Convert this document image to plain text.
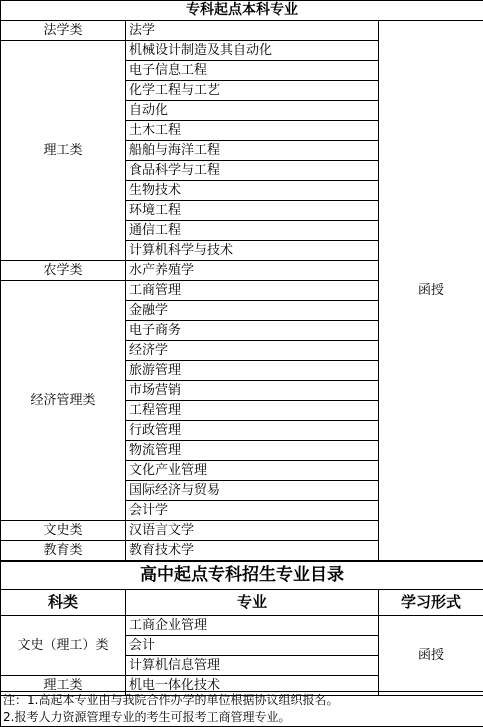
专科起点本科专业		
法学类	法学	函授
理工类	机械设计制造及其自动化	
	电子信息工程	
	化学工程与工艺	
	自动化	
	土木工程	
	船舶与海洋工程	
	食品科学与工程	
	生物技术	
	环境工程	
	通信工程	
	计算机科学与技术	
农学类	水产养殖学	
经济管理类	工商管理	
	金融学	
	电子商务	
	经济学	
	旅游管理	
	市场营销	
	工程管理	
	行政管理	
	物流管理	
	文化产业管理	
	国际经济与贸易	
	会计学	
文史类	汉语言文学	
教育类	教育技术学	
高中起点专科招生专业目录		
科类	专业	学习形式
文史（理工）类	工商企业管理	函授
	会计	
	计算机信息管理	
理工类	机电一体化技术	
注：1.高起本专业由与我院合作办学的单位根据协议组织报名。
2.报考人力资源管理专业的考生可报考工商管理专业。
